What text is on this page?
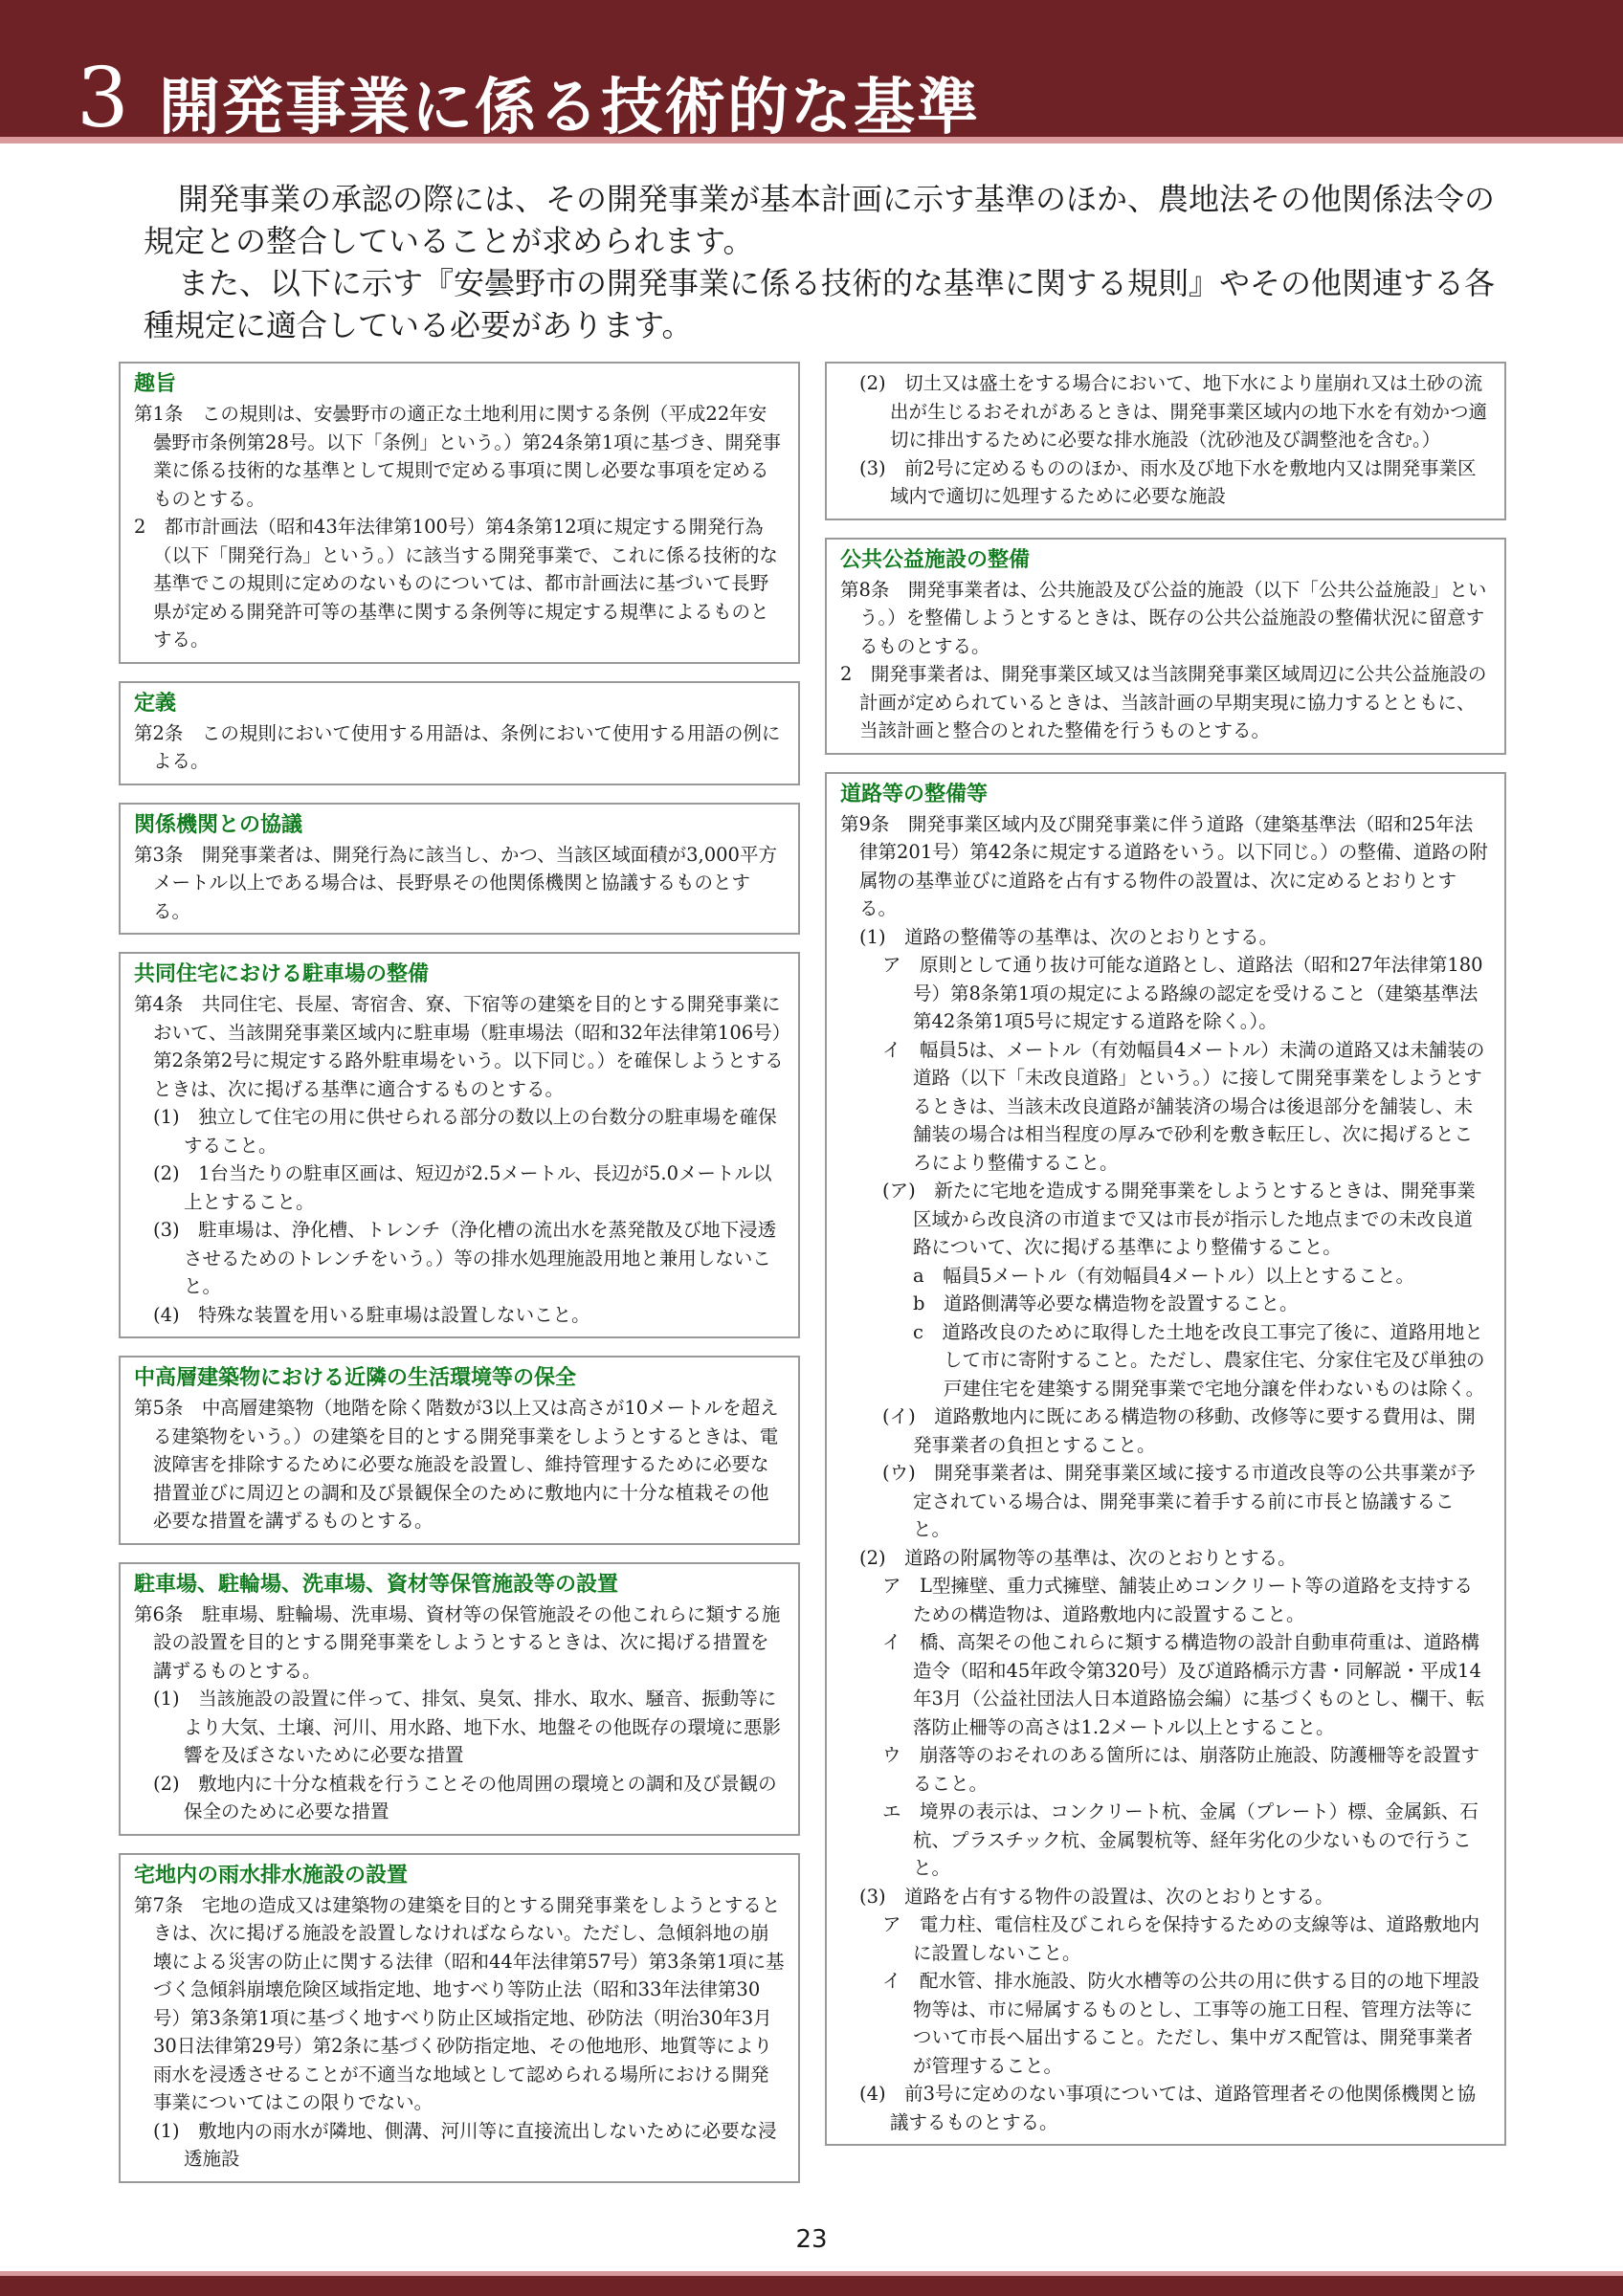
3 開発事業に係る技術的な基準

開発事業の承認の際には、その開発事業が基本計画に示す基準のほか、農地法その他関係法令の規定との整合していることが求められます。

また、以下に示す『安曇野市の開発事業に係る技術的な基準に関する規則』やその他関連する各種規定に適合している必要があります。

趣旨

第1条　この規則は、安曇野市の適正な土地利用に関する条例（平成22年安曇野市条例第28号。以下「条例」という。）第24条第1項に基づき、開発事業に係る技術的な基準として規則で定める事項に関し必要な事項を定めるものとする。

2　都市計画法（昭和43年法律第100号）第4条第12項に規定する開発行為（以下「開発行為」という。）に該当する開発事業で、これに係る技術的な基準でこの規則に定めのないものについては、都市計画法に基づいて長野県が定める開発許可等の基準に関する条例等に規定する規準によるものとする。

定義

第2条　この規則において使用する用語は、条例において使用する用語の例による。

関係機関との協議

第3条　開発事業者は、開発行為に該当し、かつ、当該区域面積が3,000平方メートル以上である場合は、長野県その他関係機関と協議するものとする。

共同住宅における駐車場の整備

第4条　共同住宅、長屋、寄宿舎、寮、下宿等の建築を目的とする開発事業において、当該開発事業区域内に駐車場（駐車場法（昭和32年法律第106号）第2条第2号に規定する路外駐車場をいう。以下同じ。）を確保しようとするときは、次に掲げる基準に適合するものとする。

(1)　独立して住宅の用に供せられる部分の数以上の台数分の駐車場を確保すること。

(2)　1台当たりの駐車区画は、短辺が2.5メートル、長辺が5.0メートル以上とすること。

(3)　駐車場は、浄化槽、トレンチ（浄化槽の流出水を蒸発散及び地下浸透させるためのトレンチをいう。）等の排水処理施設用地と兼用しないこと。

(4)　特殊な装置を用いる駐車場は設置しないこと。

中高層建築物における近隣の生活環境等の保全

第5条　中高層建築物（地階を除く階数が3以上又は高さが10メートルを超える建築物をいう。）の建築を目的とする開発事業をしようとするときは、電波障害を排除するために必要な施設を設置し、維持管理するために必要な措置並びに周辺との調和及び景観保全のために敷地内に十分な植栽その他必要な措置を講ずるものとする。

駐車場、駐輪場、洗車場、資材等保管施設等の設置

第6条　駐車場、駐輪場、洗車場、資材等の保管施設その他これらに類する施設の設置を目的とする開発事業をしようとするときは、次に掲げる措置を講ずるものとする。

(1)　当該施設の設置に伴って、排気、臭気、排水、取水、騒音、振動等により大気、土壌、河川、用水路、地下水、地盤その他既存の環境に悪影響を及ぼさないために必要な措置

(2)　敷地内に十分な植栽を行うことその他周囲の環境との調和及び景観の保全のために必要な措置

宅地内の雨水排水施設の設置

第7条　宅地の造成又は建築物の建築を目的とする開発事業をしようとするときは、次に掲げる施設を設置しなければならない。ただし、急傾斜地の崩壊による災害の防止に関する法律（昭和44年法律第57号）第3条第1項に基づく急傾斜崩壊危険区域指定地、地すべり等防止法（昭和33年法律第30号）第3条第1項に基づく地すべり防止区域指定地、砂防法（明治30年3月30日法律第29号）第2条に基づく砂防指定地、その他地形、地質等により雨水を浸透させることが不適当な地域として認められる場所における開発事業についてはこの限りでない。

(1)　敷地内の雨水が隣地、側溝、河川等に直接流出しないために必要な浸透施設

(2)　切土又は盛土をする場合において、地下水により崖崩れ又は土砂の流出が生じるおそれがあるときは、開発事業区域内の地下水を有効かつ適切に排出するために必要な排水施設（沈砂池及び調整池を含む。）

(3)　前2号に定めるもののほか、雨水及び地下水を敷地内又は開発事業区域内で適切に処理するために必要な施設

公共公益施設の整備

第8条　開発事業者は、公共施設及び公益的施設（以下「公共公益施設」という。）を整備しようとするときは、既存の公共公益施設の整備状況に留意するものとする。

2　開発事業者は、開発事業区域又は当該開発事業区域周辺に公共公益施設の計画が定められているときは、当該計画の早期実現に協力するとともに、当該計画と整合のとれた整備を行うものとする。

道路等の整備等

第9条　開発事業区域内及び開発事業に伴う道路（建築基準法（昭和25年法律第201号）第42条に規定する道路をいう。以下同じ。）の整備、道路の附属物の基準並びに道路を占有する物件の設置は、次に定めるとおりとする。

(1)　道路の整備等の基準は、次のとおりとする。

ア　原則として通り抜け可能な道路とし、道路法（昭和27年法律第180号）第8条第1項の規定による路線の認定を受けること（建築基準法第42条第1項5号に規定する道路を除く。）。

イ　幅員5は、メートル（有効幅員4メートル）未満の道路又は未舗装の道路（以下「未改良道路」という。）に接して開発事業をしようとするときは、当該未改良道路が舗装済の場合は後退部分を舗装し、未舗装の場合は相当程度の厚みで砂利を敷き転圧し、次に掲げるところにより整備すること。

(ア)　新たに宅地を造成する開発事業をしようとするときは、開発事業区域から改良済の市道まで又は市長が指示した地点までの未改良道路について、次に掲げる基準により整備すること。

a　幅員5メートル（有効幅員4メートル）以上とすること。

b　道路側溝等必要な構造物を設置すること。

c　道路改良のために取得した土地を改良工事完了後に、道路用地として市に寄附すること。ただし、農家住宅、分家住宅及び単独の戸建住宅を建築する開発事業で宅地分譲を伴わないものは除く。

(イ)　道路敷地内に既にある構造物の移動、改修等に要する費用は、開発事業者の負担とすること。

(ウ)　開発事業者は、開発事業区域に接する市道改良等の公共事業が予定されている場合は、開発事業に着手する前に市長と協議すること。

(2)　道路の附属物等の基準は、次のとおりとする。

ア　L型擁壁、重力式擁壁、舗装止めコンクリート等の道路を支持するための構造物は、道路敷地内に設置すること。

イ　橋、高架その他これらに類する構造物の設計自動車荷重は、道路構造令（昭和45年政令第320号）及び道路橋示方書・同解説・平成14年3月（公益社団法人日本道路協会編）に基づくものとし、欄干、転落防止柵等の高さは1.2メートル以上とすること。

ウ　崩落等のおそれのある箇所には、崩落防止施設、防護柵等を設置すること。

エ　境界の表示は、コンクリート杭、金属（プレート）標、金属鋲、石杭、プラスチック杭、金属製杭等、経年劣化の少ないもので行うこと。

(3)　道路を占有する物件の設置は、次のとおりとする。

ア　電力柱、電信柱及びこれらを保持するための支線等は、道路敷地内に設置しないこと。

イ　配水管、排水施設、防火水槽等の公共の用に供する目的の地下埋設物等は、市に帰属するものとし、工事等の施工日程、管理方法等について市長へ届出すること。ただし、集中ガス配管は、開発事業者が管理すること。

(4)　前3号に定めのない事項については、道路管理者その他関係機関と協議するものとする。

23
